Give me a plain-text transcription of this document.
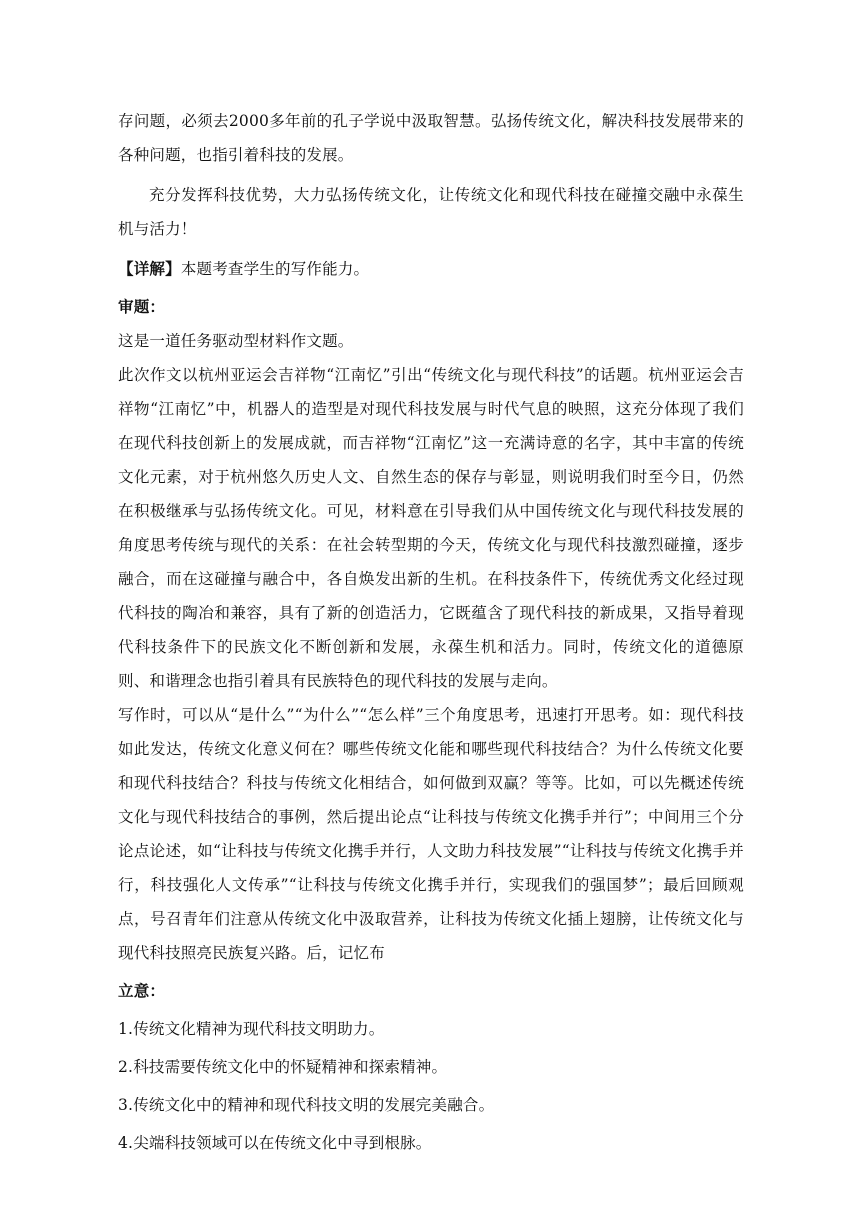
存问题，必须去2000多年前的孔子学说中汲取智慧。弘扬传统文化，解决科技发展带来的各种问题，也指引着科技的发展。

充分发挥科技优势，大力弘扬传统文化，让传统文化和现代科技在碰撞交融中永葆生机与活力！

【详解】本题考查学生的写作能力。

审题：

这是一道任务驱动型材料作文题。

此次作文以杭州亚运会吉祥物“江南忆”引出“传统文化与现代科技”的话题。杭州亚运会吉祥物“江南忆”中，机器人的造型是对现代科技发展与时代气息的映照，这充分体现了我们在现代科技创新上的发展成就，而吉祥物“江南忆”这一充满诗意的名字，其中丰富的传统文化元素，对于杭州悠久历史人文、自然生态的保存与彰显，则说明我们时至今日，仍然在积极继承与弘扬传统文化。可见，材料意在引导我们从中国传统文化与现代科技发展的角度思考传统与现代的关系：在社会转型期的今天，传统文化与现代科技激烈碰撞，逐步融合，而在这碰撞与融合中，各自焕发出新的生机。在科技条件下，传统优秀文化经过现代科技的陶冶和兼容，具有了新的创造活力，它既蕴含了现代科技的新成果，又指导着现代科技条件下的民族文化不断创新和发展，永葆生机和活力。同时，传统文化的道德原则、和谐理念也指引着具有民族特色的现代科技的发展与走向。

写作时，可以从“是什么”“为什么”“怎么样”三个角度思考，迅速打开思考。如：现代科技如此发达，传统文化意义何在？哪些传统文化能和哪些现代科技结合？为什么传统文化要和现代科技结合？科技与传统文化相结合，如何做到双赢？等等。比如，可以先概述传统文化与现代科技结合的事例，然后提出论点“让科技与传统文化携手并行”；中间用三个分论点论述，如“让科技与传统文化携手并行，人文助力科技发展”“让科技与传统文化携手并行，科技强化人文传承”“让科技与传统文化携手并行，实现我们的强国梦”；最后回顾观点，号召青年们注意从传统文化中汲取营养，让科技为传统文化插上翅膀，让传统文化与现代科技照亮民族复兴路。后，记忆布

立意：

1.传统文化精神为现代科技文明助力。

2.科技需要传统文化中的怀疑精神和探索精神。

3.传统文化中的精神和现代科技文明的发展完美融合。

4.尖端科技领域可以在传统文化中寻到根脉。
